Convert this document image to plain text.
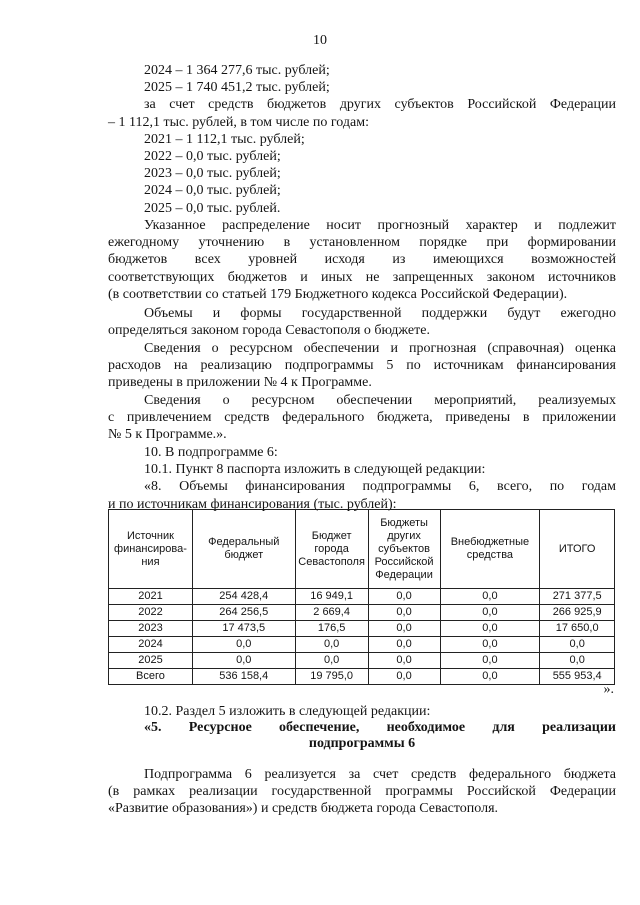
10
2024 – 1 364 277,6 тыс. рублей;
2025 – 1 740 451,2 тыс. рублей;
за счет средств бюджетов других субъектов Российской Федерации
– 1 112,1 тыс. рублей, в том числе по годам:
2021 – 1 112,1 тыс. рублей;
2022 – 0,0 тыс. рублей;
2023 – 0,0 тыс. рублей;
2024 – 0,0 тыс. рублей;
2025 – 0,0 тыс. рублей.
Указанное распределение носит прогнозный характер и подлежит
ежегодному уточнению в установленном порядке при формировании
бюджетов всех уровней исходя из имеющихся возможностей
соответствующих бюджетов и иных не запрещенных законом источников
(в соответствии со статьей 179 Бюджетного кодекса Российской Федерации).
Объемы и формы государственной поддержки будут ежегодно
определяться законом города Севастополя о бюджете.
Сведения о ресурсном обеспечении и прогнозная (справочная) оценка
расходов на реализацию подпрограммы 5 по источникам финансирования
приведены в приложении № 4 к Программе.
Сведения о ресурсном обеспечении мероприятий, реализуемых
с привлечением средств федерального бюджета, приведены в приложении
№ 5 к Программе.».
10. В подпрограмме 6:
10.1. Пункт 8 паспорта изложить в следующей редакции:
«8. Объемы финансирования подпрограммы 6, всего, по годам
и по источникам финансирования (тыс. рублей):
Источник финансирова-ния	Федеральный бюджет	Бюджет города Севастополя	Бюджеты других субъектов Российской Федерации	Внебюджетные средства	ИТОГО
2021	254 428,4	16 949,1	0,0	0,0	271 377,5
2022	264 256,5	2 669,4	0,0	0,0	266 925,9
2023	17 473,5	176,5	0,0	0,0	17 650,0
2024	0,0	0,0	0,0	0,0	0,0
2025	0,0	0,0	0,0	0,0	0,0
Всего	536 158,4	19 795,0	0,0	0,0	555 953,4
».
10.2. Раздел 5 изложить в следующей редакции:
«5. Ресурсное обеспечение, необходимое для реализации
подпрограммы 6
Подпрограмма 6 реализуется за счет средств федерального бюджета
(в рамках реализации государственной программы Российской Федерации
«Развитие образования») и средств бюджета города Севастополя.
